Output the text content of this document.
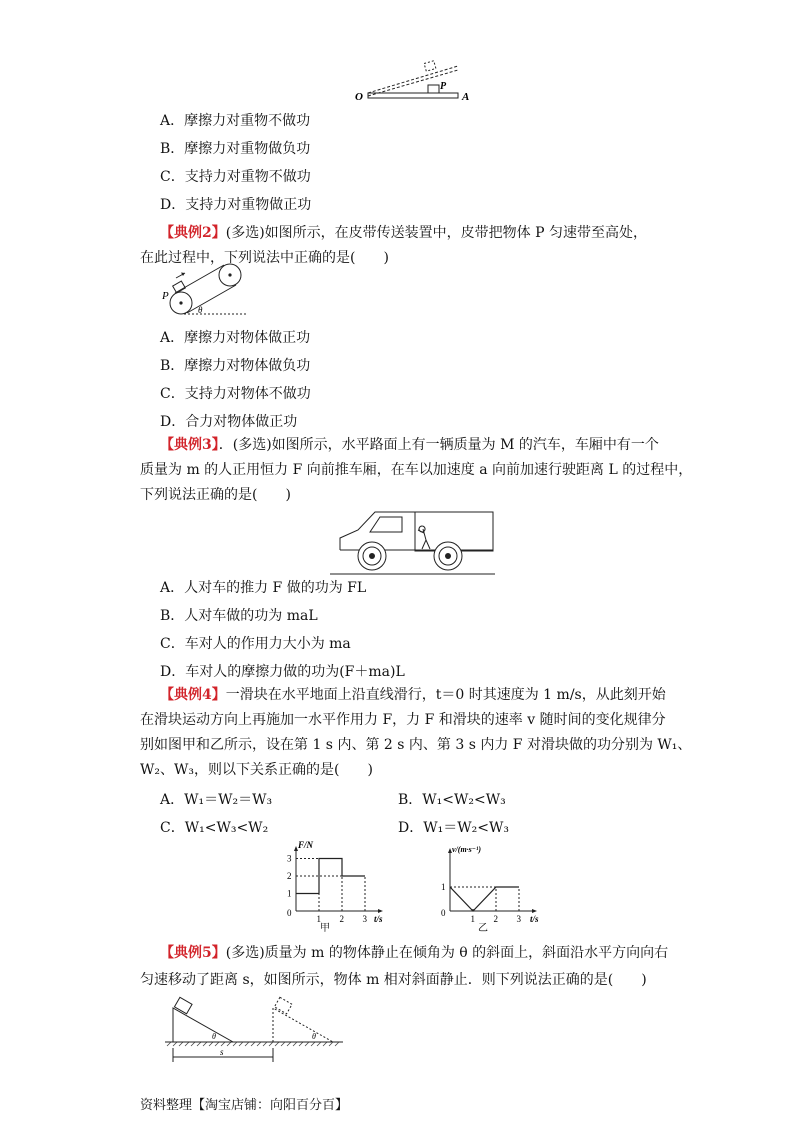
O
P
A
A．摩擦力对重物不做功
B．摩擦力对重物做负功
C．支持力对重物不做功
D．支持力对重物做正功
【典例2】(多选)如图所示，在皮带传送装置中，皮带把物体 P 匀速带至高处，
在此过程中，下列说法中正确的是(　　)
P
θ
A．摩擦力对物体做正功
B．摩擦力对物体做负功
C．支持力对物体不做功
D．合力对物体做正功
【典例3】．(多选)如图所示，水平路面上有一辆质量为 M 的汽车，车厢中有一个
质量为 m 的人正用恒力 F 向前推车厢，在车以加速度 a 向前加速行驶距离 L 的过程中，
下列说法正确的是(　　)
A．人对车的推力 F 做的功为 FL
B．人对车做的功为 maL
C．车对人的作用力大小为 ma
D．车对人的摩擦力做的功为(F＋ma)L
【典例4】一滑块在水平地面上沿直线滑行，t＝0 时其速度为 1 m/s，从此刻开始
在滑块运动方向上再施加一水平作用力 F，力 F 和滑块的速率 v 随时间的变化规律分
别如图甲和乙所示，设在第 1 s 内、第 2 s 内、第 3 s 内力 F 对滑块做的功分别为 W₁、
W₂、W₃，则以下关系正确的是(　　)
A．W₁＝W₂＝W₃	B．W₁<W₂<W₃
C．W₁<W₃<W₂	D．W₁＝W₂<W₃
F/N
t/s
0
1 2 3
1
2
3
甲
v/(m·s⁻¹)
t/s
0
1 2 3
1
乙
【典例5】(多选)质量为 m 的物体静止在倾角为 θ 的斜面上，斜面沿水平方向向右
匀速移动了距离 s，如图所示，物体 m 相对斜面静止．则下列说法正确的是(　　)
θ	θ
s
资料整理【淘宝店铺：向阳百分百】
